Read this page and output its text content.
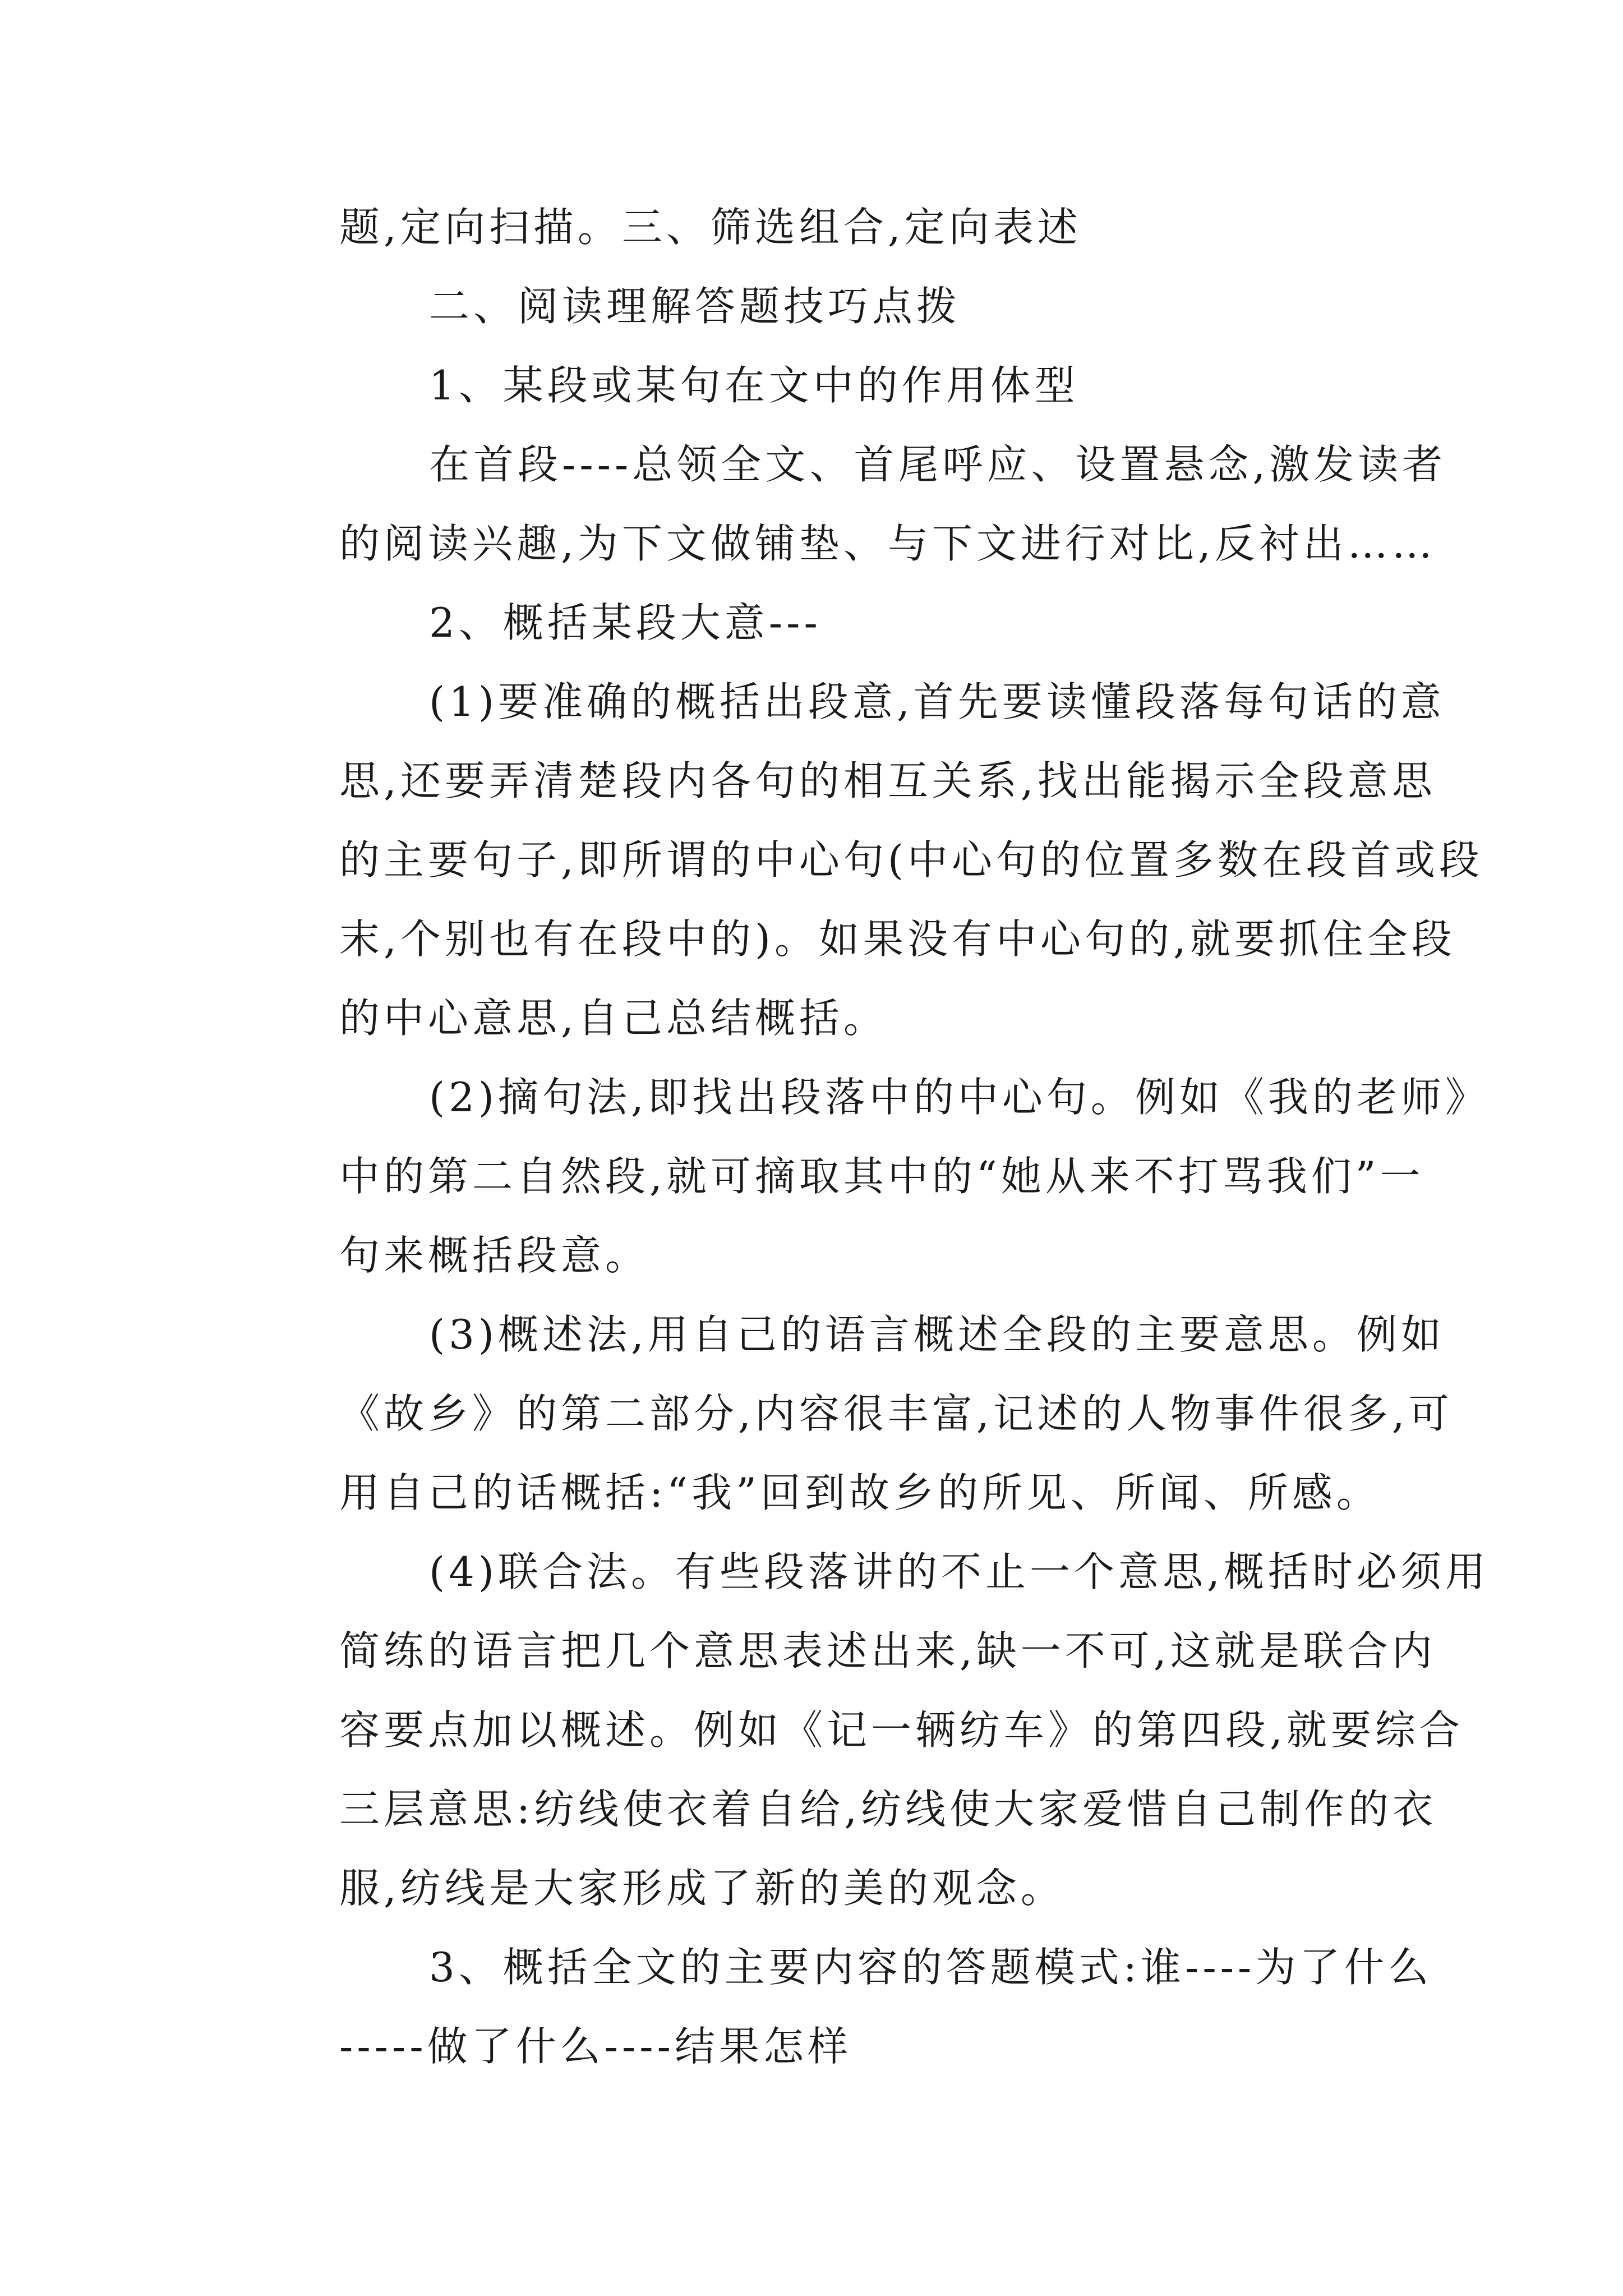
题,定向扫描。三、筛选组合,定向表述
二、阅读理解答题技巧点拨
1、某段或某句在文中的作用体型
在首段----总领全文、首尾呼应、设置悬念,激发读者
的阅读兴趣,为下文做铺垫、与下文进行对比,反衬出……
2、概括某段大意---
(1)要准确的概括出段意,首先要读懂段落每句话的意
思,还要弄清楚段内各句的相互关系,找出能揭示全段意思
的主要句子,即所谓的中心句(中心句的位置多数在段首或段
末,个别也有在段中的)。如果没有中心句的,就要抓住全段
的中心意思,自己总结概括。
(2)摘句法,即找出段落中的中心句。例如《我的老师》
中的第二自然段,就可摘取其中的“她从来不打骂我们”一
句来概括段意。
(3)概述法,用自己的语言概述全段的主要意思。例如
《故乡》的第二部分,内容很丰富,记述的人物事件很多,可
用自己的话概括:“我”回到故乡的所见、所闻、所感。
(4)联合法。有些段落讲的不止一个意思,概括时必须用
简练的语言把几个意思表述出来,缺一不可,这就是联合内
容要点加以概述。例如《记一辆纺车》的第四段,就要综合
三层意思:纺线使衣着自给,纺线使大家爱惜自己制作的衣
服,纺线是大家形成了新的美的观念。
3、概括全文的主要内容的答题模式:谁----为了什么
-----做了什么----结果怎样
